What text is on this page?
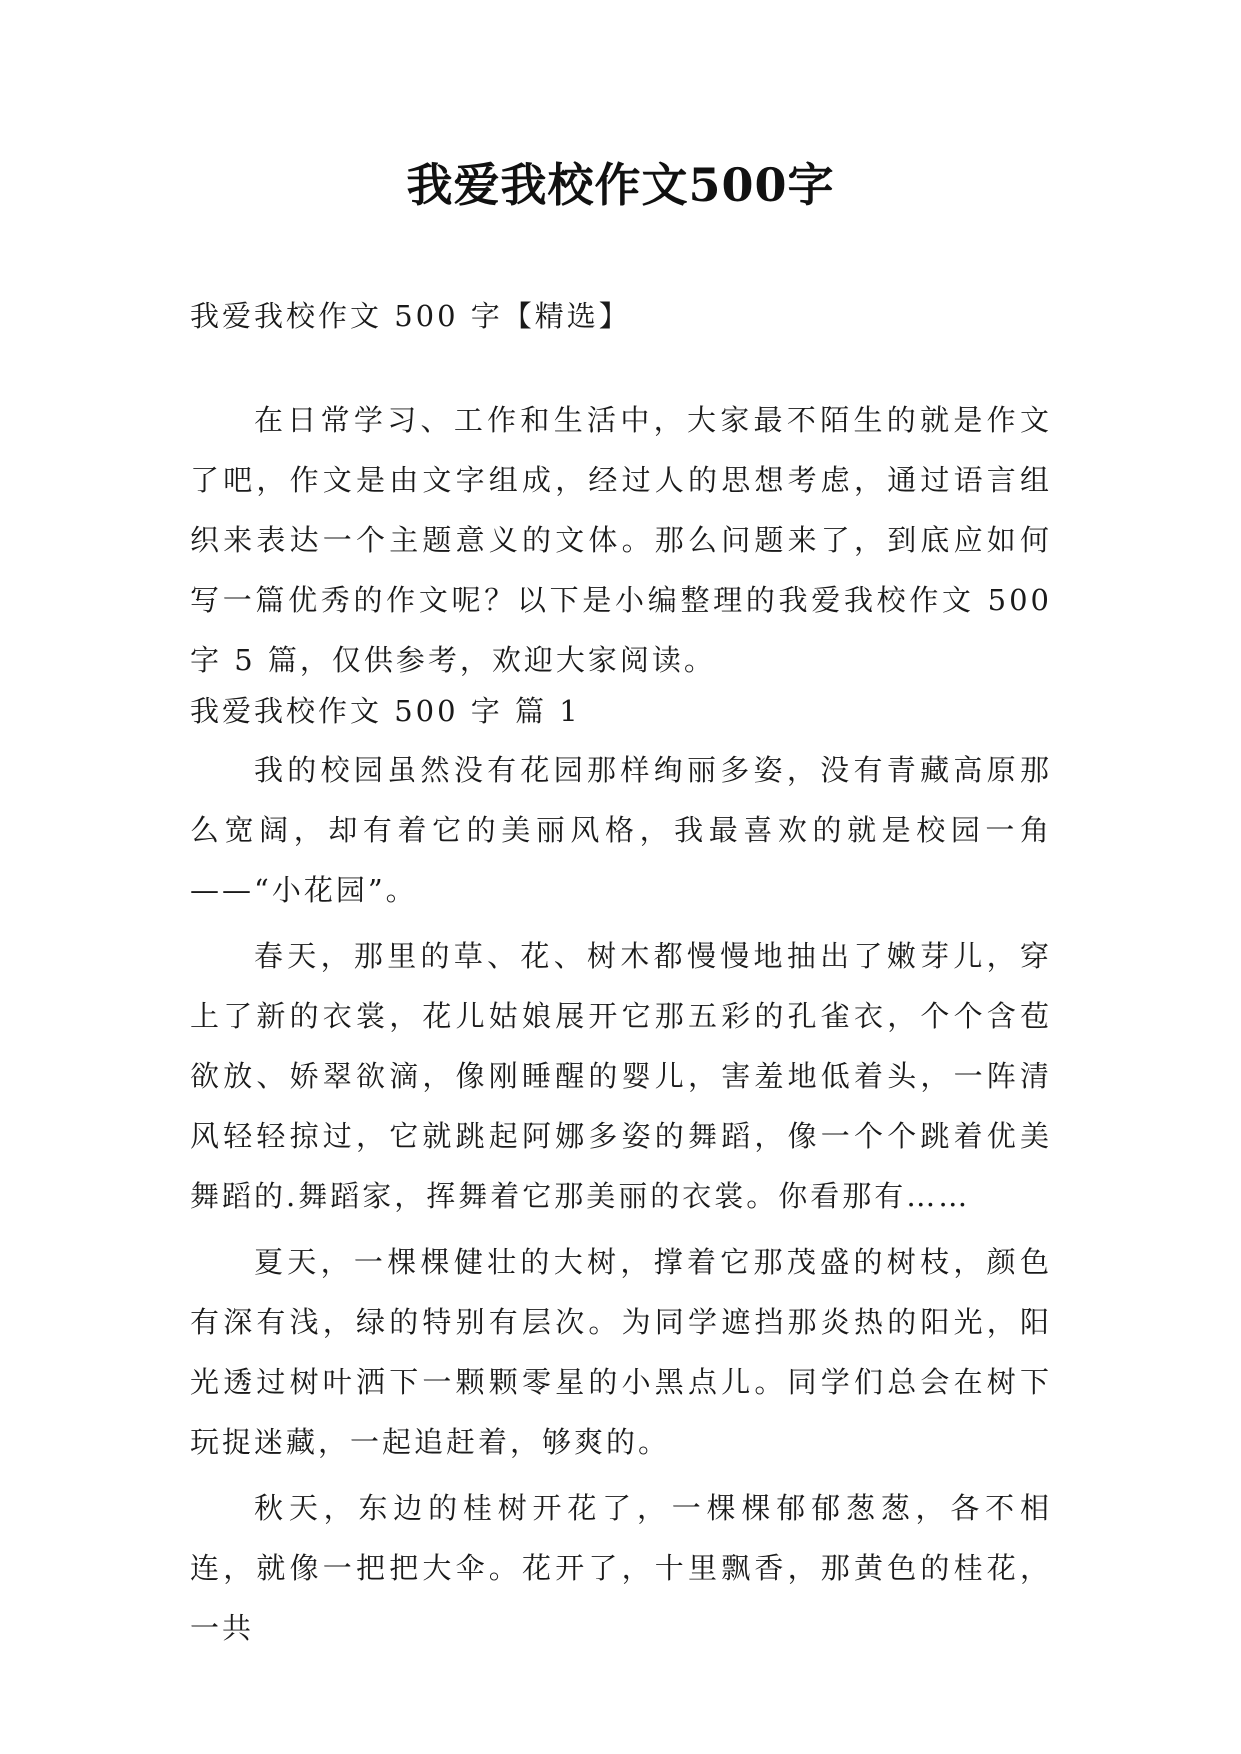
我爱我校作文500字

我爱我校作文 500 字【精选】

在日常学习、工作和生活中，大家最不陌生的就是作文了吧，作文是由文字组成，经过人的思想考虑，通过语言组织来表达一个主题意义的文体。那么问题来了，到底应如何写一篇优秀的作文呢？以下是小编整理的我爱我校作文 500 字 5 篇，仅供参考，欢迎大家阅读。

我爱我校作文 500 字 篇 1

我的校园虽然没有花园那样绚丽多姿，没有青藏高原那么宽阔，却有着它的美丽风格，我最喜欢的就是校园一角——“小花园”。

春天，那里的草、花、树木都慢慢地抽出了嫩芽儿，穿上了新的衣裳，花儿姑娘展开它那五彩的孔雀衣，个个含苞欲放、娇翠欲滴，像刚睡醒的婴儿，害羞地低着头，一阵清风轻轻掠过，它就跳起阿娜多姿的舞蹈，像一个个跳着优美舞蹈的.舞蹈家，挥舞着它那美丽的衣裳。你看那有……

夏天，一棵棵健壮的大树，撑着它那茂盛的树枝，颜色有深有浅，绿的特别有层次。为同学遮挡那炎热的阳光，阳光透过树叶洒下一颗颗零星的小黑点儿。同学们总会在树下玩捉迷藏，一起追赶着，够爽的。

秋天，东边的桂树开花了，一棵棵郁郁葱葱，各不相连，就像一把把大伞。花开了，十里飘香，那黄色的桂花，一共
